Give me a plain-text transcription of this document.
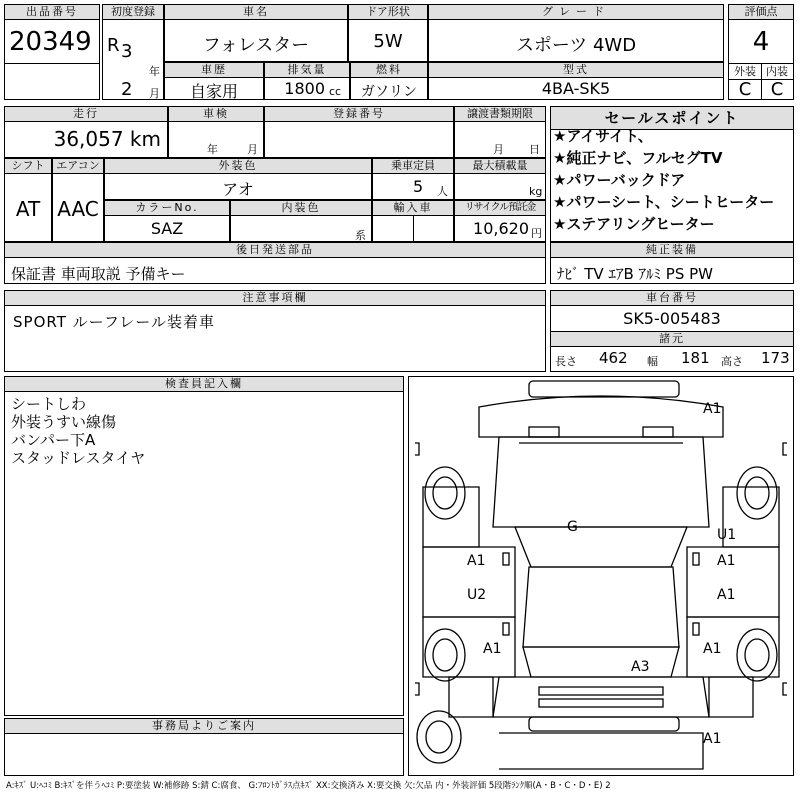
出品番号
20349
初度登録
R 3
年
2 月
車名
フォレスター
ドア形状
5W
グレード
スポーツ 4WD
評価点
4
外装 内装
C	C
車歴
自家用
排気量
1800 cc
燃料
ガソリン
型式
4BA-SK5
走行
36,057 km
車検
年	月
登録番号	譲渡書類期限
月 日
セールスポイント
★アイサイト、
★純正ナビ、フルセグTV
★パワーバックドア
★パワーシート、シートヒーター
★ステアリングヒーター
シフト
AT
エアコン
AAC
外装色
アオ
乗車定員
5 人
最大積載量
kg
カラーNo.
SAZ
内装色
系
輸入車	リサイクル預託金
10,620 円
後日発送部品
保証書 車両取説 予備キー
純正装備
ﾅﾋﾞ TV ｴｱB ｱﾙﾐ PS PW
注意事項欄
SPORT ルーフレール装着車
車台番号
SK5-005483
諸元
長さ 462 幅 181 高さ 173
検査員記入欄
シートしわ
外装うすい線傷
バンパー下A
スタッドレスタイヤ
事務局よりご案内
A1
G	U1
A1	A1
U2	A1
A1	A1
A3
A1
A:ｷｽﾞ U:ﾍｺﾐ B:ｷｽﾞを伴うﾍｺﾐ P:要塗装 W:補修跡 S:錆 C:腐食、 G:ﾌﾛﾝﾄｶﾞﾗｽ点ｷｽﾞ XX:交換済み X:要交換 欠:欠品 内・外装評価 5段階ﾗﾝｸ順(A・B・C・D・E) 2
